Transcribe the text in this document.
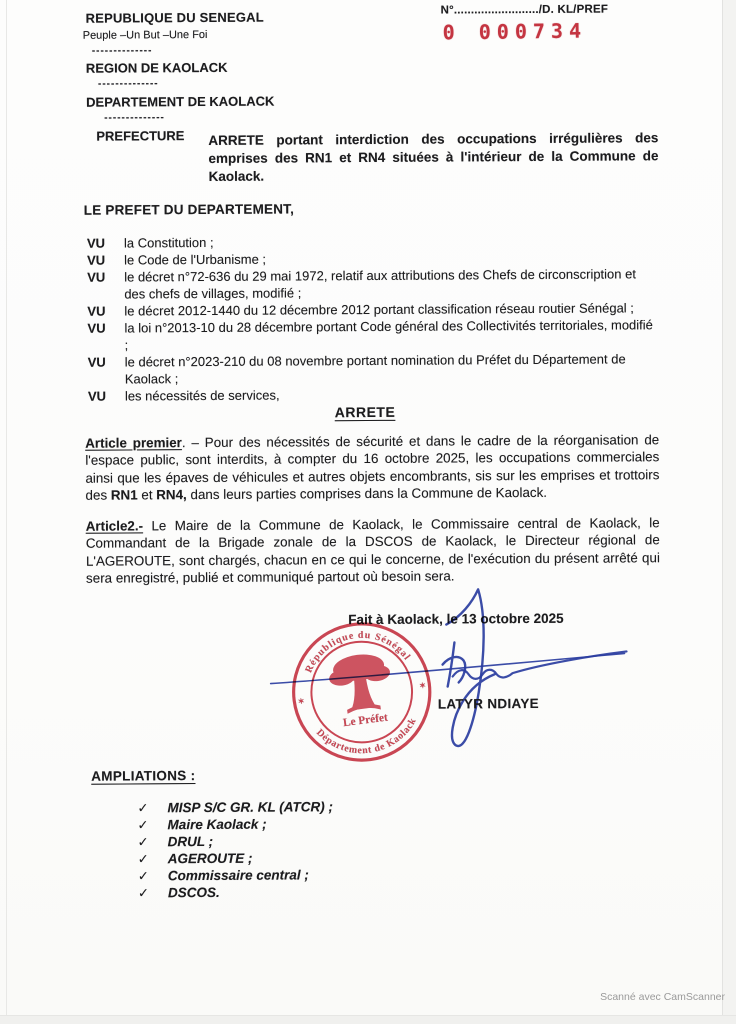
REPUBLIQUE DU SENEGAL
Peuple –Un But –Une Foi
--------------
REGION DE KAOLACK
--------------
DEPARTEMENT DE KAOLACK
--------------
PREFECTURE
N°........................./D. KL/PREF
0 000734
ARRETE portant interdiction des occupations irrégulières des emprises des RN1 et RN4 situées à l'intérieur de la Commune de Kaolack.
LE PREFET DU DEPARTEMENT,
VU	la Constitution ;
VU	le Code de l'Urbanisme ;
VU	le décret n°72-636 du 29 mai 1972, relatif aux attributions des Chefs de circonscription et des chefs de villages, modifié ;
VU	le décret 2012-1440 du 12 décembre 2012 portant classification réseau routier Sénégal ;
VU	la loi n°2013-10 du 28 décembre portant Code général des Collectivités territoriales, modifié ;
VU	le décret n°2023-210 du 08 novembre portant nomination du Préfet du Département de Kaolack ;
VU	les nécessités de services,
ARRETE

Article premier. – Pour des nécessités de sécurité et dans le cadre de la réorganisation de l'espace public, sont interdits, à compter du 16 octobre 2025, les occupations commerciales ainsi que les épaves de véhicules et autres objets encombrants, sis sur les emprises et trottoirs des RN1 et RN4, dans leurs parties comprises dans la Commune de Kaolack.

Article2.- Le Maire de la Commune de Kaolack, le Commissaire central de Kaolack, le Commandant de la Brigade zonale de la DSCOS de Kaolack, le Directeur régional de L'AGEROUTE, sont chargés, chacun en ce qui le concerne, de l'exécution du présent arrêté qui sera enregistré, publié et communiqué partout où besoin sera.

Fait à Kaolack, le 13 octobre 2025
République du Sénégal
Département de Kaolack
✶
✶
Le Préfet
LATYR NDIAYE
AMPLIATIONS :
✓	MISP S/C GR. KL (ATCR) ;
✓	Maire Kaolack ;
✓	DRUL ;
✓	AGEROUTE ;
✓	Commissaire central ;
✓	DSCOS.
Scanné avec CamScanner
